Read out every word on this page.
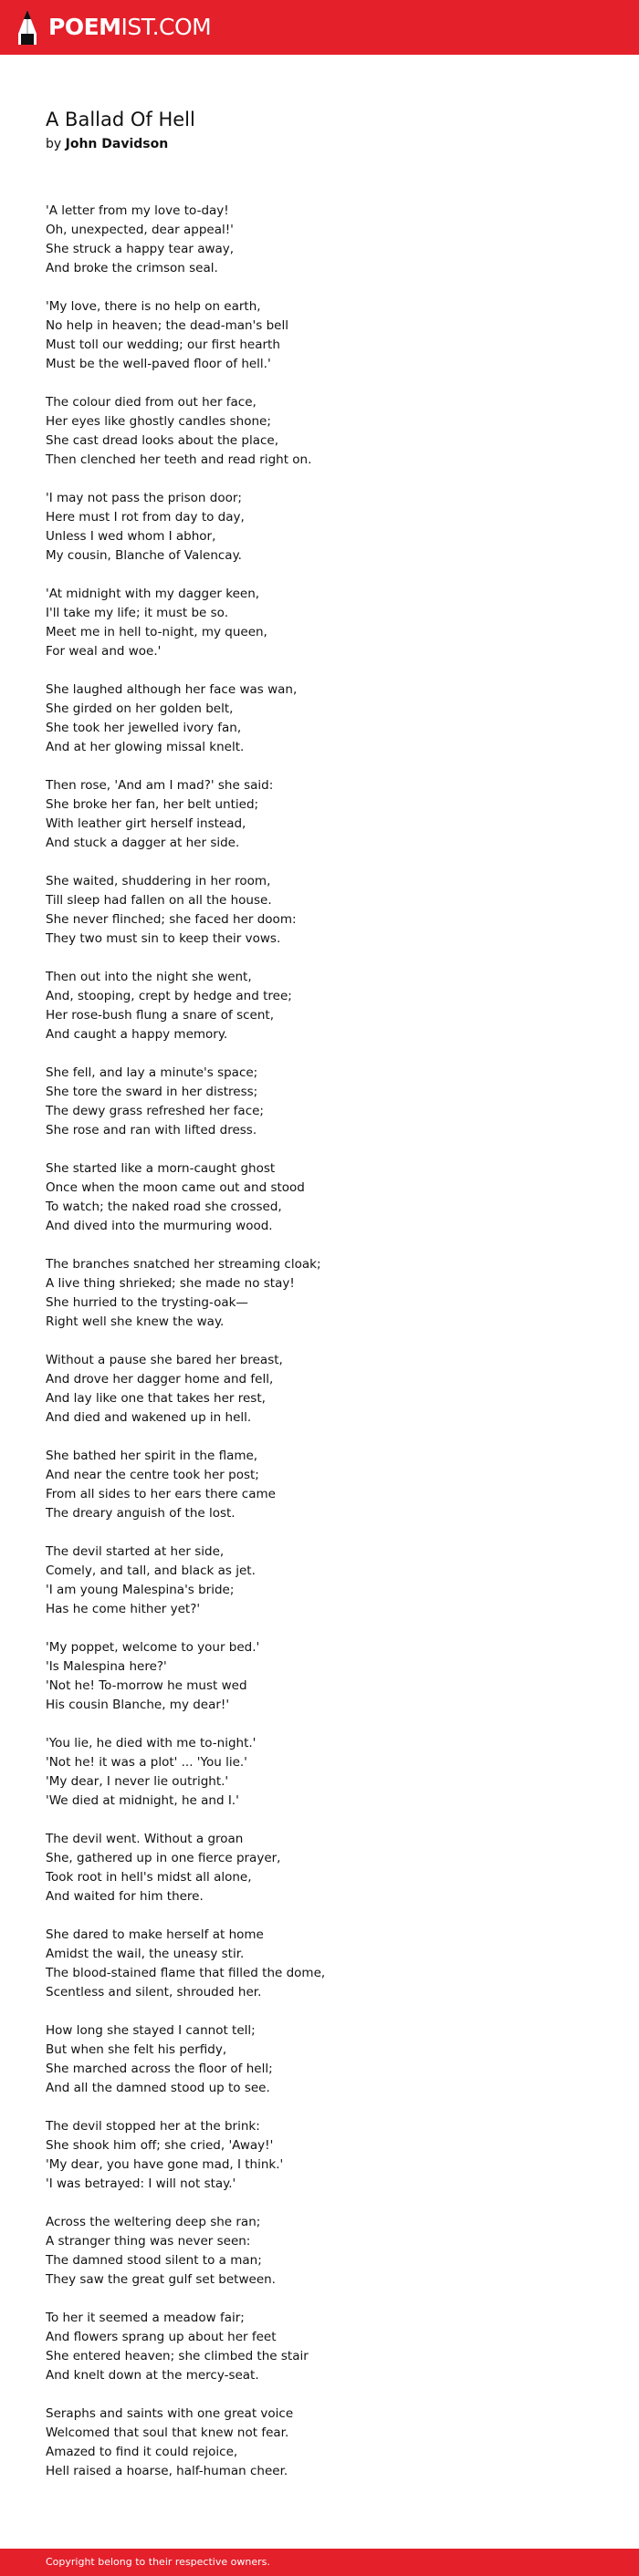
POEMIST.COM
A Ballad Of Hell
by John Davidson
'A letter from my love to-day!
Oh, unexpected, dear appeal!'
She struck a happy tear away,
And broke the crimson seal.
'My love, there is no help on earth,
No help in heaven; the dead-man's bell
Must toll our wedding; our first hearth
Must be the well-paved floor of hell.'
The colour died from out her face,
Her eyes like ghostly candles shone;
She cast dread looks about the place,
Then clenched her teeth and read right on.
'I may not pass the prison door;
Here must I rot from day to day,
Unless I wed whom I abhor,
My cousin, Blanche of Valencay.
'At midnight with my dagger keen,
I'll take my life; it must be so.
Meet me in hell to-night, my queen,
For weal and woe.'
She laughed although her face was wan,
She girded on her golden belt,
She took her jewelled ivory fan,
And at her glowing missal knelt.
Then rose, 'And am I mad?' she said:
She broke her fan, her belt untied;
With leather girt herself instead,
And stuck a dagger at her side.
She waited, shuddering in her room,
Till sleep had fallen on all the house.
She never flinched; she faced her doom:
They two must sin to keep their vows.
Then out into the night she went,
And, stooping, crept by hedge and tree;
Her rose-bush flung a snare of scent,
And caught a happy memory.
She fell, and lay a minute's space;
She tore the sward in her distress;
The dewy grass refreshed her face;
She rose and ran with lifted dress.
She started like a morn-caught ghost
Once when the moon came out and stood
To watch; the naked road she crossed,
And dived into the murmuring wood.
The branches snatched her streaming cloak;
A live thing shrieked; she made no stay!
She hurried to the trysting-oak—
Right well she knew the way.
Without a pause she bared her breast,
And drove her dagger home and fell,
And lay like one that takes her rest,
And died and wakened up in hell.
She bathed her spirit in the flame,
And near the centre took her post;
From all sides to her ears there came
The dreary anguish of the lost.
The devil started at her side,
Comely, and tall, and black as jet.
'I am young Malespina's bride;
Has he come hither yet?'
'My poppet, welcome to your bed.'
'Is Malespina here?'
'Not he! To-morrow he must wed
His cousin Blanche, my dear!'
'You lie, he died with me to-night.'
'Not he! it was a plot' ... 'You lie.'
'My dear, I never lie outright.'
'We died at midnight, he and I.'
The devil went. Without a groan
She, gathered up in one fierce prayer,
Took root in hell's midst all alone,
And waited for him there.
She dared to make herself at home
Amidst the wail, the uneasy stir.
The blood-stained flame that filled the dome,
Scentless and silent, shrouded her.
How long she stayed I cannot tell;
But when she felt his perfidy,
She marched across the floor of hell;
And all the damned stood up to see.
The devil stopped her at the brink:
She shook him off; she cried, 'Away!'
'My dear, you have gone mad, I think.'
'I was betrayed: I will not stay.'
Across the weltering deep she ran;
A stranger thing was never seen:
The damned stood silent to a man;
They saw the great gulf set between.
To her it seemed a meadow fair;
And flowers sprang up about her feet
She entered heaven; she climbed the stair
And knelt down at the mercy-seat.
Seraphs and saints with one great voice
Welcomed that soul that knew not fear.
Amazed to find it could rejoice,
Hell raised a hoarse, half-human cheer.
Copyright belong to their respective owners.
